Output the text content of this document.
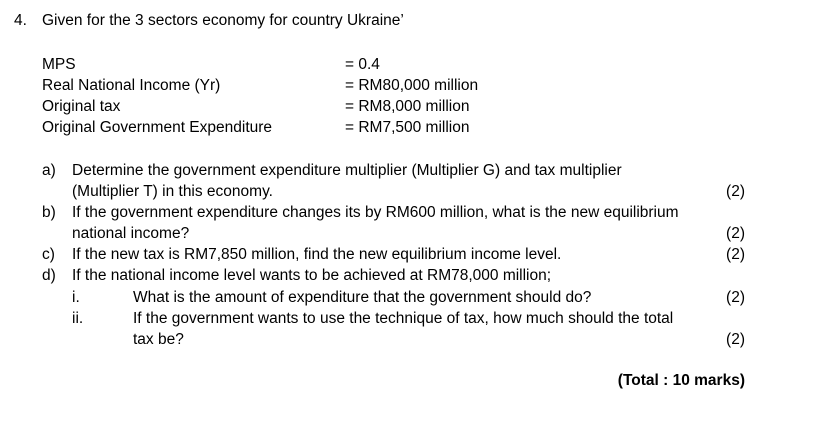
4. Given for the 3 sectors economy for country Ukraine’
MPS	= 0.4
Real National Income (Yr)	= RM80,000 million
Original tax	= RM8,000 million
Original Government Expenditure	= RM7,500 million
a) Determine the government expenditure multiplier (Multiplier G) and tax multiplier
(Multiplier T) in this economy.	(2)
b) If the government expenditure changes its by RM600 million, what is the new equilibrium
national income?	(2)
c) If the new tax is RM7,850 million, find the new equilibrium income level.	(2)
d) If the national income level wants to be achieved at RM78,000 million;
i.	What is the amount of expenditure that the government should do?	(2)
ii.	If the government wants to use the technique of tax, how much should the total
tax be?	(2)
(Total : 10 marks)
